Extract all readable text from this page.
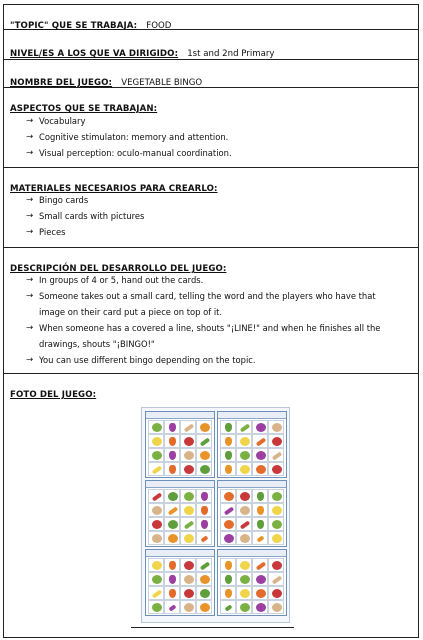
"TOPIC" QUE SE TRABAJA: FOOD
NIVEL/ES A LOS QUE VA DIRIGIDO: 1st and 2nd Primary
NOMBRE DEL JUEGO: VEGETABLE BINGO
ASPECTOS QUE SE TRABAJAN:
→ Vocabulary
→ Cognitive stimulaton: memory and attention.
→ Visual perception: oculo-manual coordination.
MATERIALES NECESARIOS PARA CREARLO:
→ Bingo cards
→ Small cards with pictures
→ Pieces
DESCRIPCIÓN DEL DESARROLLO DEL JUEGO:
→ In groups of 4 or 5, hand out the cards.
→ Someone takes out a small card, telling the word and the players who have that image on their card put a piece on top of it.
→ When someone has a covered a line, shouts "¡LINE!" and when he finishes all the drawings, shouts "¡BINGO!"
→ You can use different bingo depending on the topic.
FOTO DEL JUEGO:
